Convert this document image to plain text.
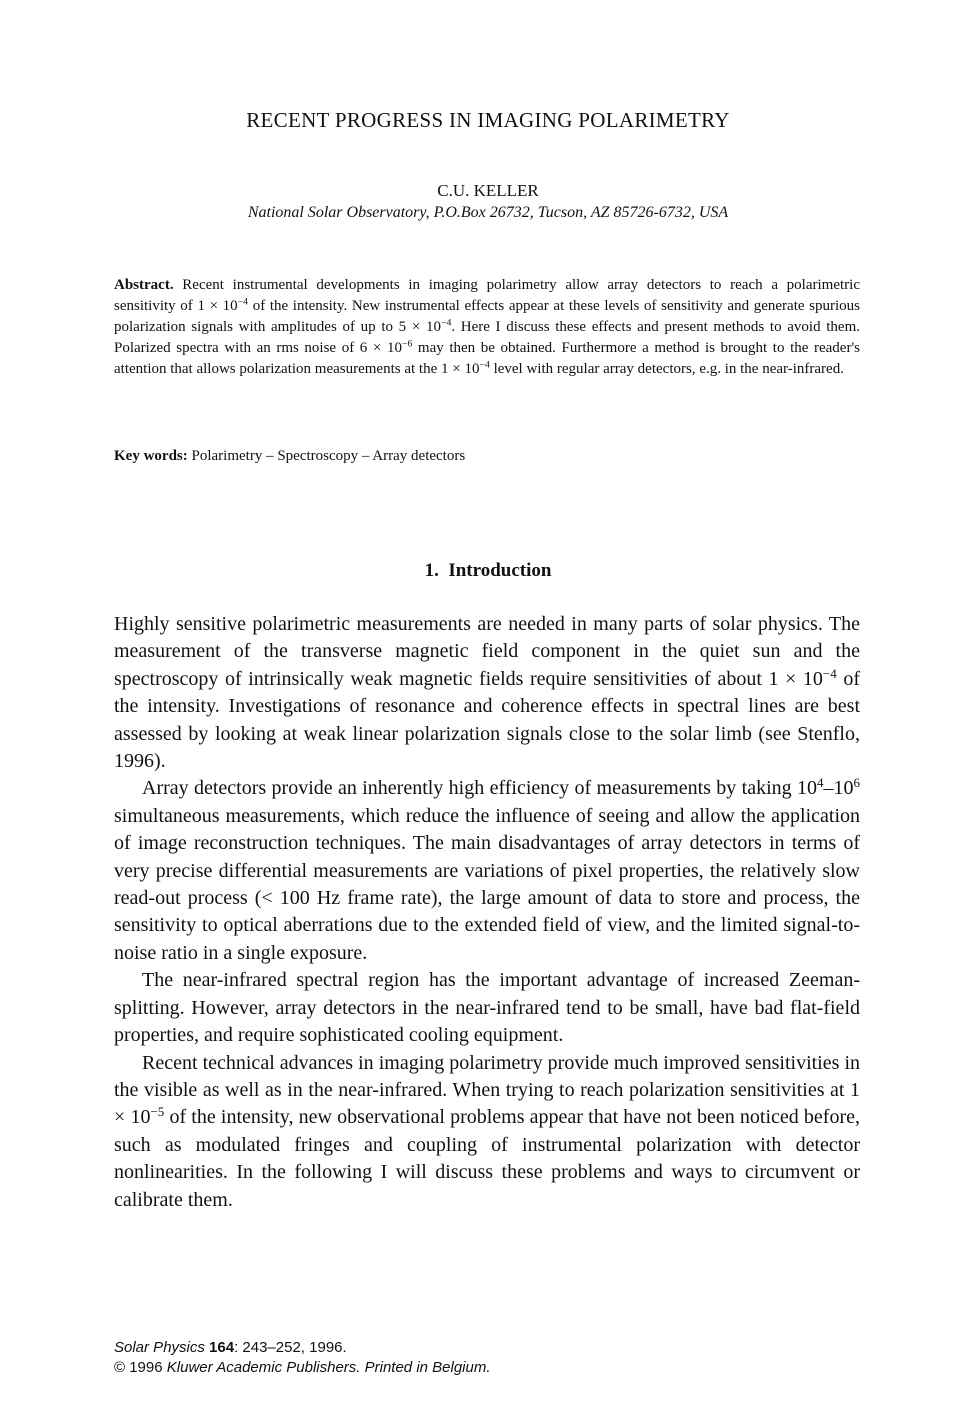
RECENT PROGRESS IN IMAGING POLARIMETRY
C.U. KELLER
National Solar Observatory, P.O.Box 26732, Tucson, AZ 85726-6732, USA
Abstract. Recent instrumental developments in imaging polarimetry allow array detectors to reach a polarimetric sensitivity of $1 \times 10^{-4}$ of the intensity. New instrumental effects appear at these levels of sensitivity and generate spurious polarization signals with amplitudes of up to $5 \times 10^{-4}$. Here I discuss these effects and present methods to avoid them. Polarized spectra with an rms noise of $6 \times 10^{-6}$ may then be obtained. Furthermore a method is brought to the reader's attention that allows polarization measurements at the $1 \times 10^{-4}$ level with regular array detectors, e.g. in the near-infrared.
Key words: Polarimetry – Spectroscopy – Array detectors
1. Introduction

Highly sensitive polarimetric measurements are needed in many parts of solar physics. The measurement of the transverse magnetic field component in the quiet sun and the spectroscopy of intrinsically weak magnetic fields require sensitivities of about $1 \times 10^{-4}$ of the intensity. Investigations of resonance and coherence effects in spectral lines are best assessed by looking at weak linear polarization signals close to the solar limb (see Stenflo, 1996).

Array detectors provide an inherently high efficiency of measurements by taking $10^4-10^6$ simultaneous measurements, which reduce the influence of seeing and allow the application of image reconstruction techniques. The main disadvantages of array detectors in terms of very precise differential measurements are variations of pixel properties, the relatively slow read-out process (< 100 Hz frame rate), the large amount of data to store and process, the sensitivity to optical aberrations due to the extended field of view, and the limited signal-to-noise ratio in a single exposure.

The near-infrared spectral region has the important advantage of increased Zeeman-splitting. However, array detectors in the near-infrared tend to be small, have bad flat-field properties, and require sophisticated cooling equipment.

Recent technical advances in imaging polarimetry provide much improved sensitivities in the visible as well as in the near-infrared. When trying to reach polarization sensitivities at $1 \times 10^{-5}$ of the intensity, new observational problems appear that have not been noticed before, such as modulated fringes and coupling of instrumental polarization with detector nonlinearities. In the following I will discuss these problems and ways to circumvent or calibrate them.

Solar Physics 164: 243–252, 1996.
© 1996 Kluwer Academic Publishers. Printed in Belgium.
